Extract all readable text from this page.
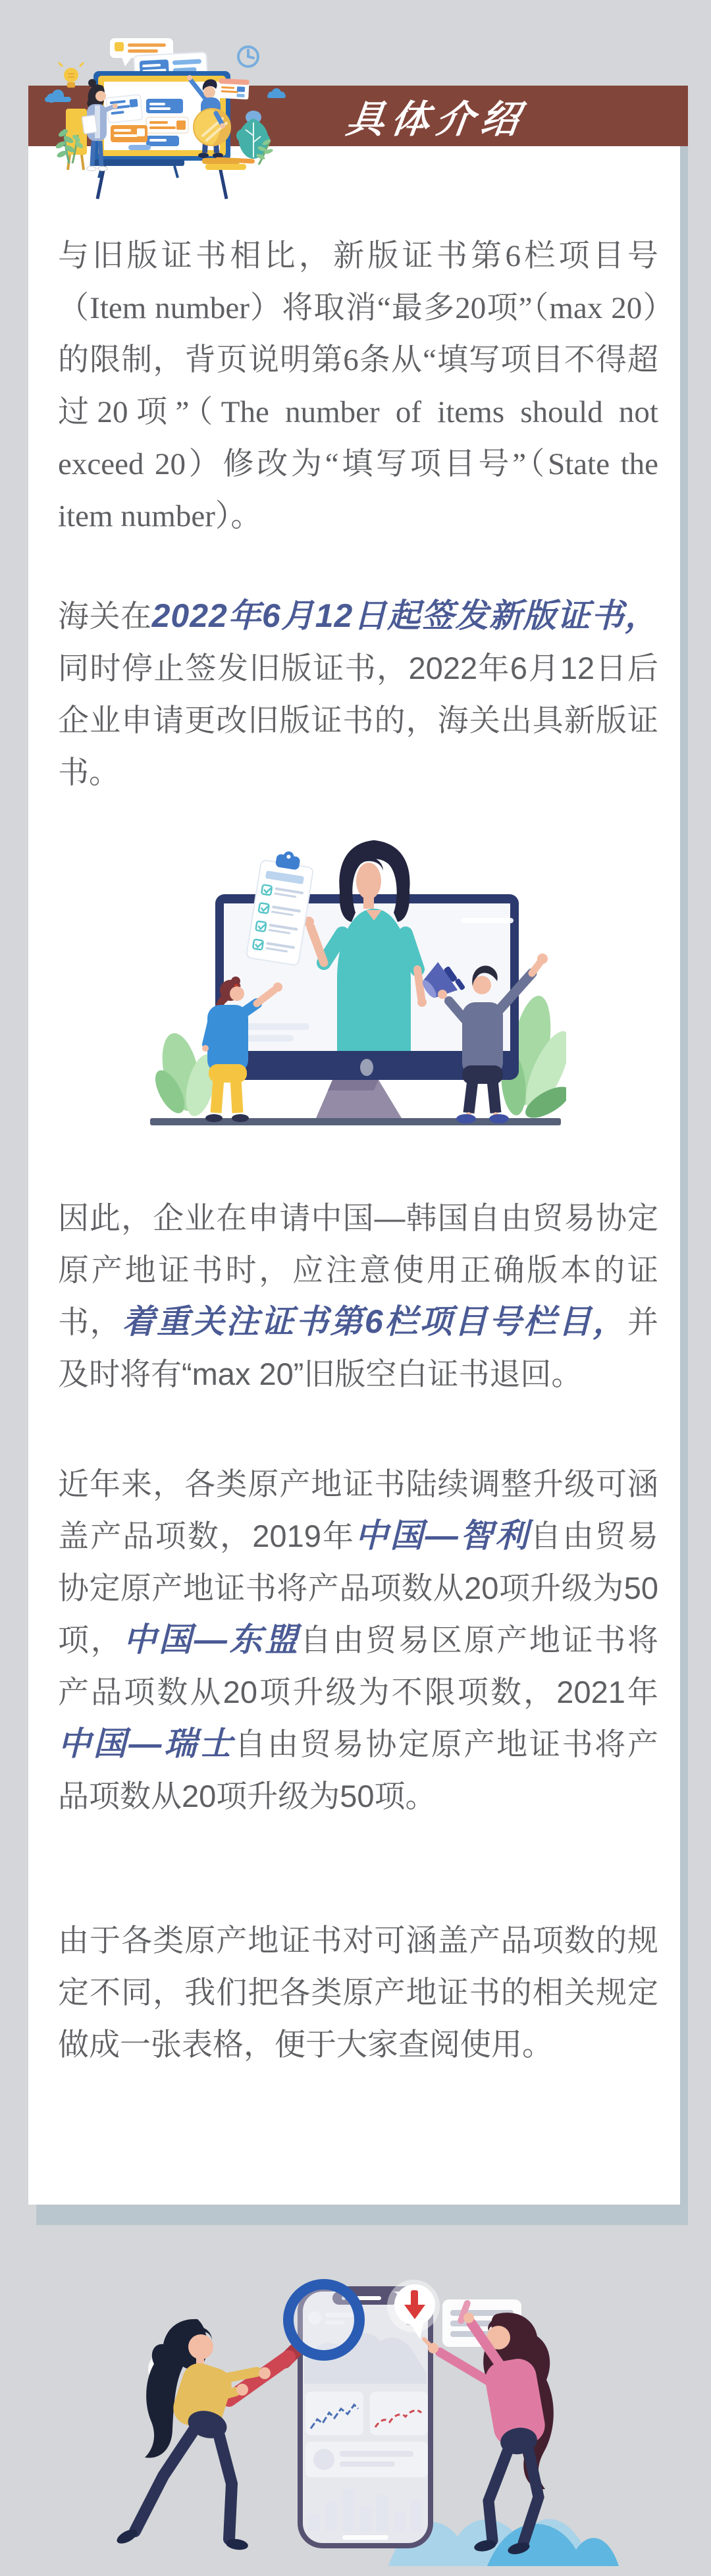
具体介绍

与旧版证书相比，新版证书第6栏项目号（Item number）将取消“最多20项”（max 20）的限制，背页说明第6条从“填写项目不得超过20项”（The number of items should not exceed 20）修改为“填写项目号”（State the item number）。

海关在2022年6月12日起签发新版证书，同时停止签发旧版证书，2022年6月12日后企业申请更改旧版证书的，海关出具新版证书。

因此，企业在申请中国—韩国自由贸易协定原产地证书时，应注意使用正确版本的证书，着重关注证书第6栏项目号栏目，并及时将有“max 20”旧版空白证书退回。

近年来，各类原产地证书陆续调整升级可涵盖产品项数，2019年中国—智利自由贸易协定原产地证书将产品项数从20项升级为50项，中国—东盟自由贸易区原产地证书将产品项数从20项升级为不限项数，2021年中国—瑞士自由贸易协定原产地证书将产品项数从20项升级为50项。

由于各类原产地证书对可涵盖产品项数的规定不同，我们把各类原产地证书的相关规定做成一张表格，便于大家查阅使用。
